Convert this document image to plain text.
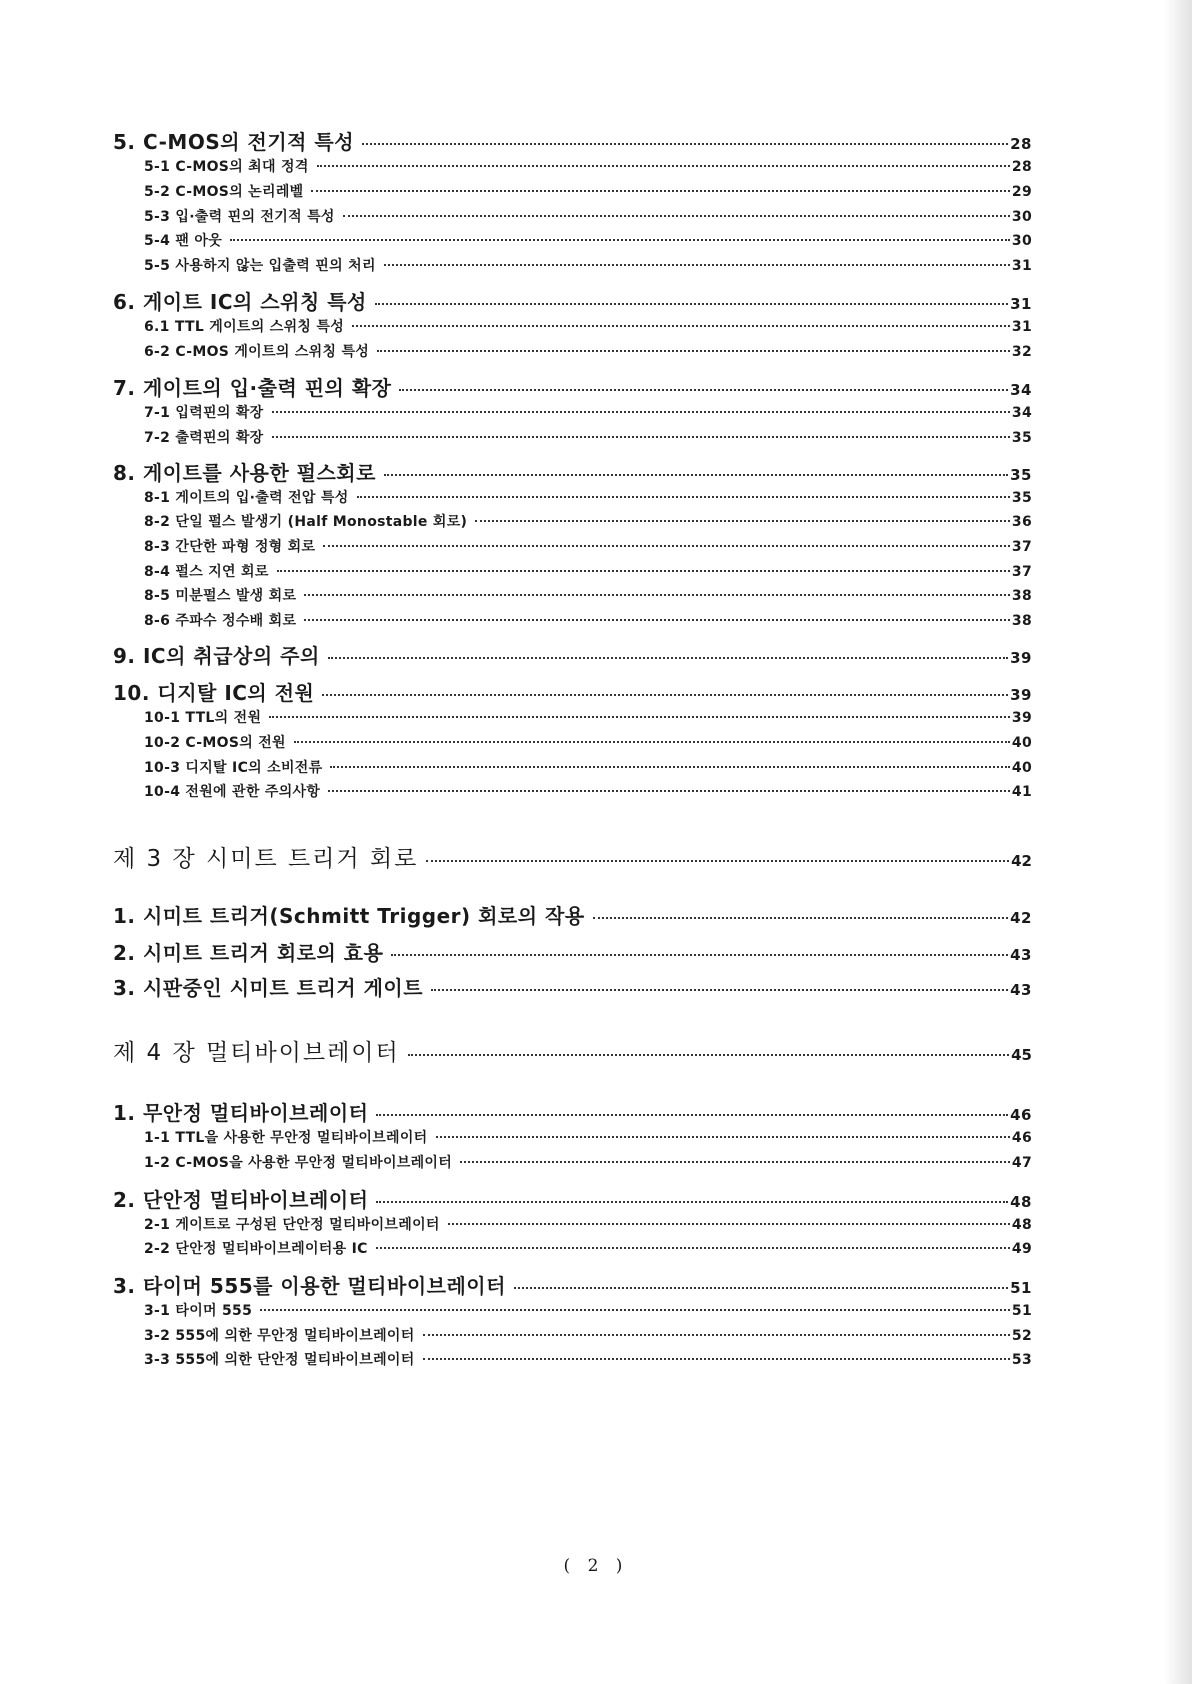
5. C-MOS의 전기적 특성	28
5-1 C-MOS의 최대 정격	28
5-2 C-MOS의 논리레벨	29
5-3 입·출력 핀의 전기적 특성	30
5-4 팬 아웃	30
5-5 사용하지 않는 입출력 핀의 처리	31
6. 게이트 IC의 스위칭 특성	31
6.1 TTL 게이트의 스위칭 특성	31
6-2 C-MOS 게이트의 스위칭 특성	32
7. 게이트의 입·출력 핀의 확장	34
7-1 입력핀의 확장	34
7-2 출력핀의 확장	35
8. 게이트를 사용한 펄스회로	35
8-1 게이트의 입·출력 전압 특성	35
8-2 단일 펄스 발생기 (Half Monostable 회로)	36
8-3 간단한 파형 정형 회로	37
8-4 펄스 지연 회로	37
8-5 미분펄스 발생 회로	38
8-6 주파수 정수배 회로	38
9. IC의 취급상의 주의	39
10. 디지탈 IC의 전원	39
10-1 TTL의 전원	39
10-2 C-MOS의 전원	40
10-3 디지탈 IC의 소비전류	40
10-4 전원에 관한 주의사항	41
제 3 장 시미트 트리거 회로	42
1. 시미트 트리거(Schmitt Trigger) 회로의 작용	42
2. 시미트 트리거 회로의 효용	43
3. 시판중인 시미트 트리거 게이트	43
제 4 장 멀티바이브레이터	45
1. 무안정 멀티바이브레이터	46
1-1 TTL을 사용한 무안정 멀티바이브레이터	46
1-2 C-MOS을 사용한 무안정 멀티바이브레이터	47
2. 단안정 멀티바이브레이터	48
2-1 게이트로 구성된 단안정 멀티바이브레이터	48
2-2 단안정 멀티바이브레이터용 IC	49
3. 타이머 555를 이용한 멀티바이브레이터	51
3-1 타이머 555	51
3-2 555에 의한 무안정 멀티바이브레이터	52
3-3 555에 의한 단안정 멀티바이브레이터	53
( 2 )
